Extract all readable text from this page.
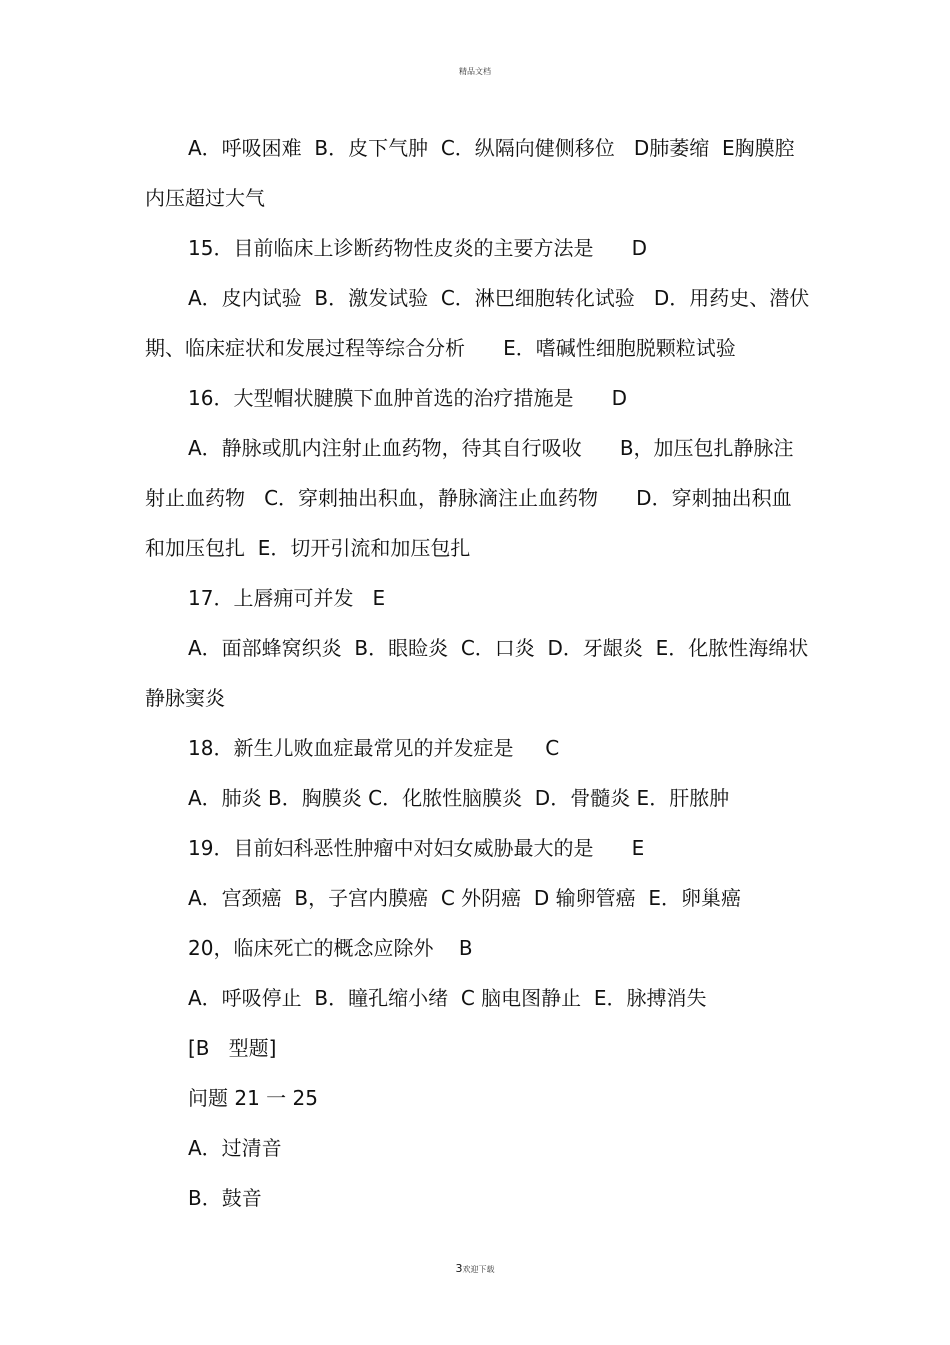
精品文档

A．呼吸困难  B．皮下气肿  C．纵隔向健侧移位   D肺萎缩  E胸膜腔内压超过大气

15．目前临床上诊断药物性皮炎的主要方法是      D

A．皮内试验  B．激发试验  C．淋巴细胞转化试验   D．用药史、潜伏期、临床症状和发展过程等综合分析      E．嗜碱性细胞脱颗粒试验

16．大型帽状腱膜下血肿首选的治疗措施是      D

A．静脉或肌内注射止血药物，待其自行吸收      B，加压包扎静脉注射止血药物   C．穿刺抽出积血，静脉滴注止血药物      D．穿刺抽出积血和加压包扎  E．切开引流和加压包扎

17．上唇痈可并发   E

A．面部蜂窝织炎  B．眼睑炎  C．口炎  D．牙龈炎  E．化脓性海绵状静脉窦炎

18．新生儿败血症最常见的并发症是     C

A．肺炎 B．胸膜炎 C．化脓性脑膜炎  D．骨髓炎 E．肝脓肿

19．目前妇科恶性肿瘤中对妇女威胁最大的是      E

A．宫颈癌  B，子宫内膜癌  C 外阴癌  D 输卵管癌  E．卵巢癌

20，临床死亡的概念应除外    B

A．呼吸停止  B．瞳孔缩小绪  C 脑电图静止  E．脉搏消失

[B   型题]

问题 21 一 25

A．过清音

B．鼓音

3欢迎下载
